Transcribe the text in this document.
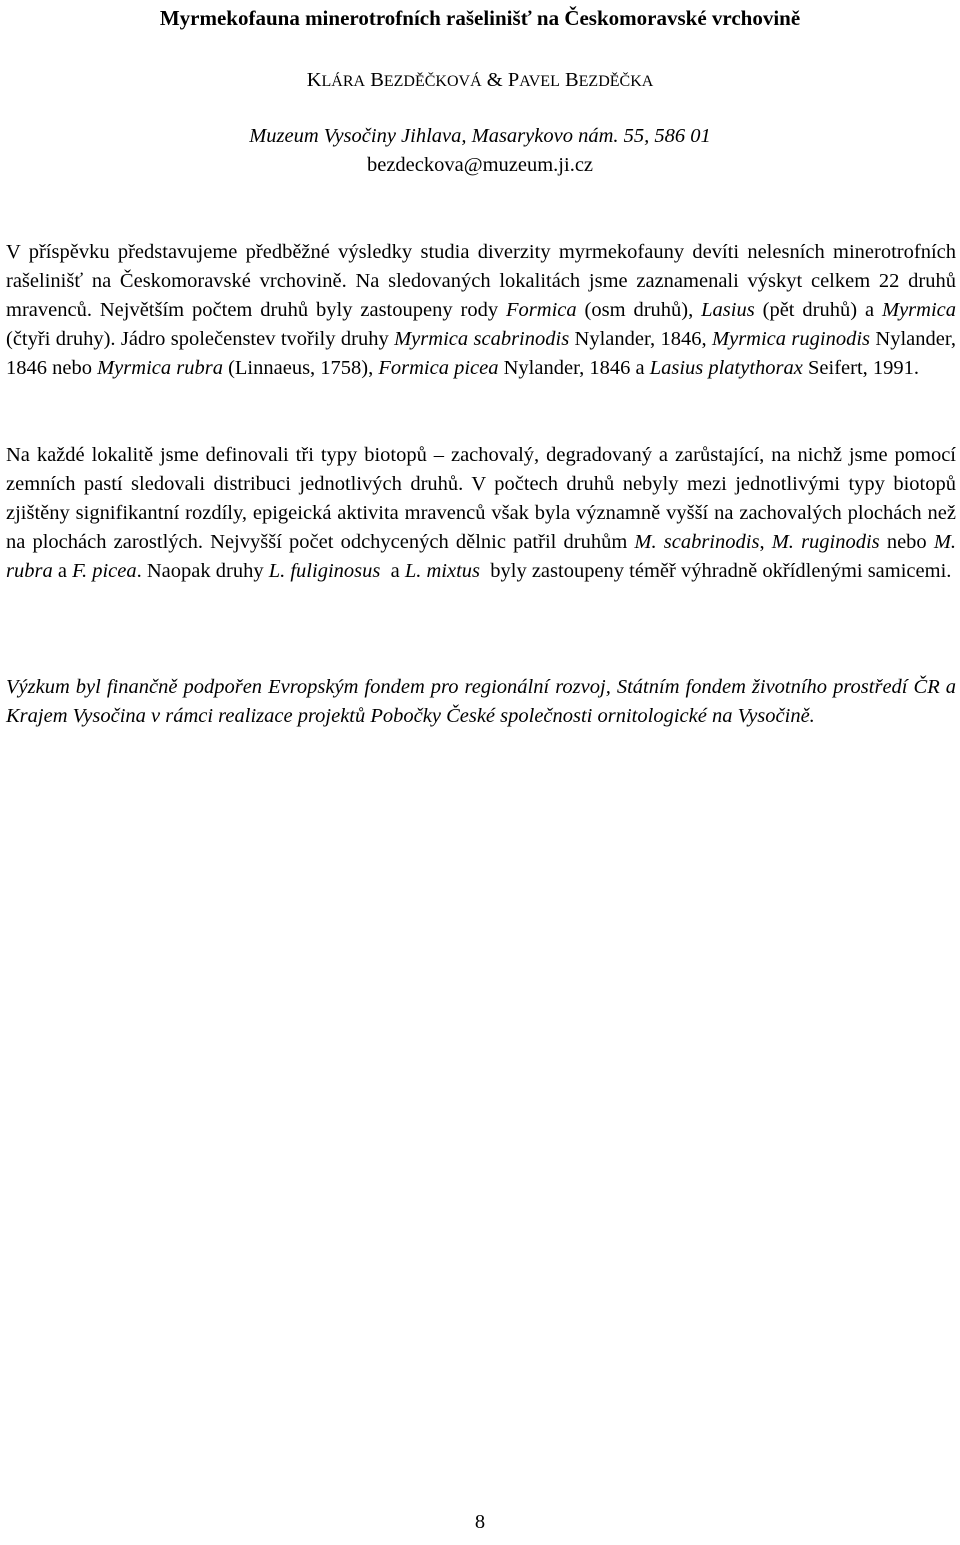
Myrmekofauna minerotrofních rašelinišť na Českomoravské vrchovině
KLÁRA BEZDĚČKOVÁ & PAVEL BEZDĚČKA
Muzeum Vysočiny Jihlava, Masarykovo nám. 55, 586 01
bezdeckova@muzeum.ji.cz
V příspěvku představujeme předběžné výsledky studia diverzity myrmekofauny devíti nelesních minerotrofních rašelinišť na Českomoravské vrchovině. Na sledovaných lokalitách jsme zaznamenali výskyt celkem 22 druhů mravenců. Největším počtem druhů byly zastoupeny rody Formica (osm druhů), Lasius (pět druhů) a Myrmica (čtyři druhy). Jádro společenstev tvořily druhy Myrmica scabrinodis Nylander, 1846, Myrmica ruginodis Nylander, 1846 nebo Myrmica rubra (Linnaeus, 1758), Formica picea Nylander, 1846 a Lasius platythorax Seifert, 1991.
Na každé lokalitě jsme definovali tři typy biotopů – zachovalý, degradovaný a zarůstající, na nichž jsme pomocí zemních pastí sledovali distribuci jednotlivých druhů. V počtech druhů nebyly mezi jednotlivými typy biotopů zjištěny signifikantní rozdíly, epigeická aktivita mravenců však byla významně vyšší na zachovalých plochách než na plochách zarostlých. Nejvyšší počet odchycených dělnic patřil druhům M. scabrinodis, M. ruginodis nebo M. rubra a F. picea. Naopak druhy L. fuliginosus  a L. mixtus  byly zastoupeny téměř výhradně okřídlenými samicemi.
Výzkum byl finančně podpořen Evropským fondem pro regionální rozvoj, Státním fondem životního prostředí ČR a Krajem Vysočina v rámci realizace projektů Pobočky České společnosti ornitologické na Vysočině.
8
